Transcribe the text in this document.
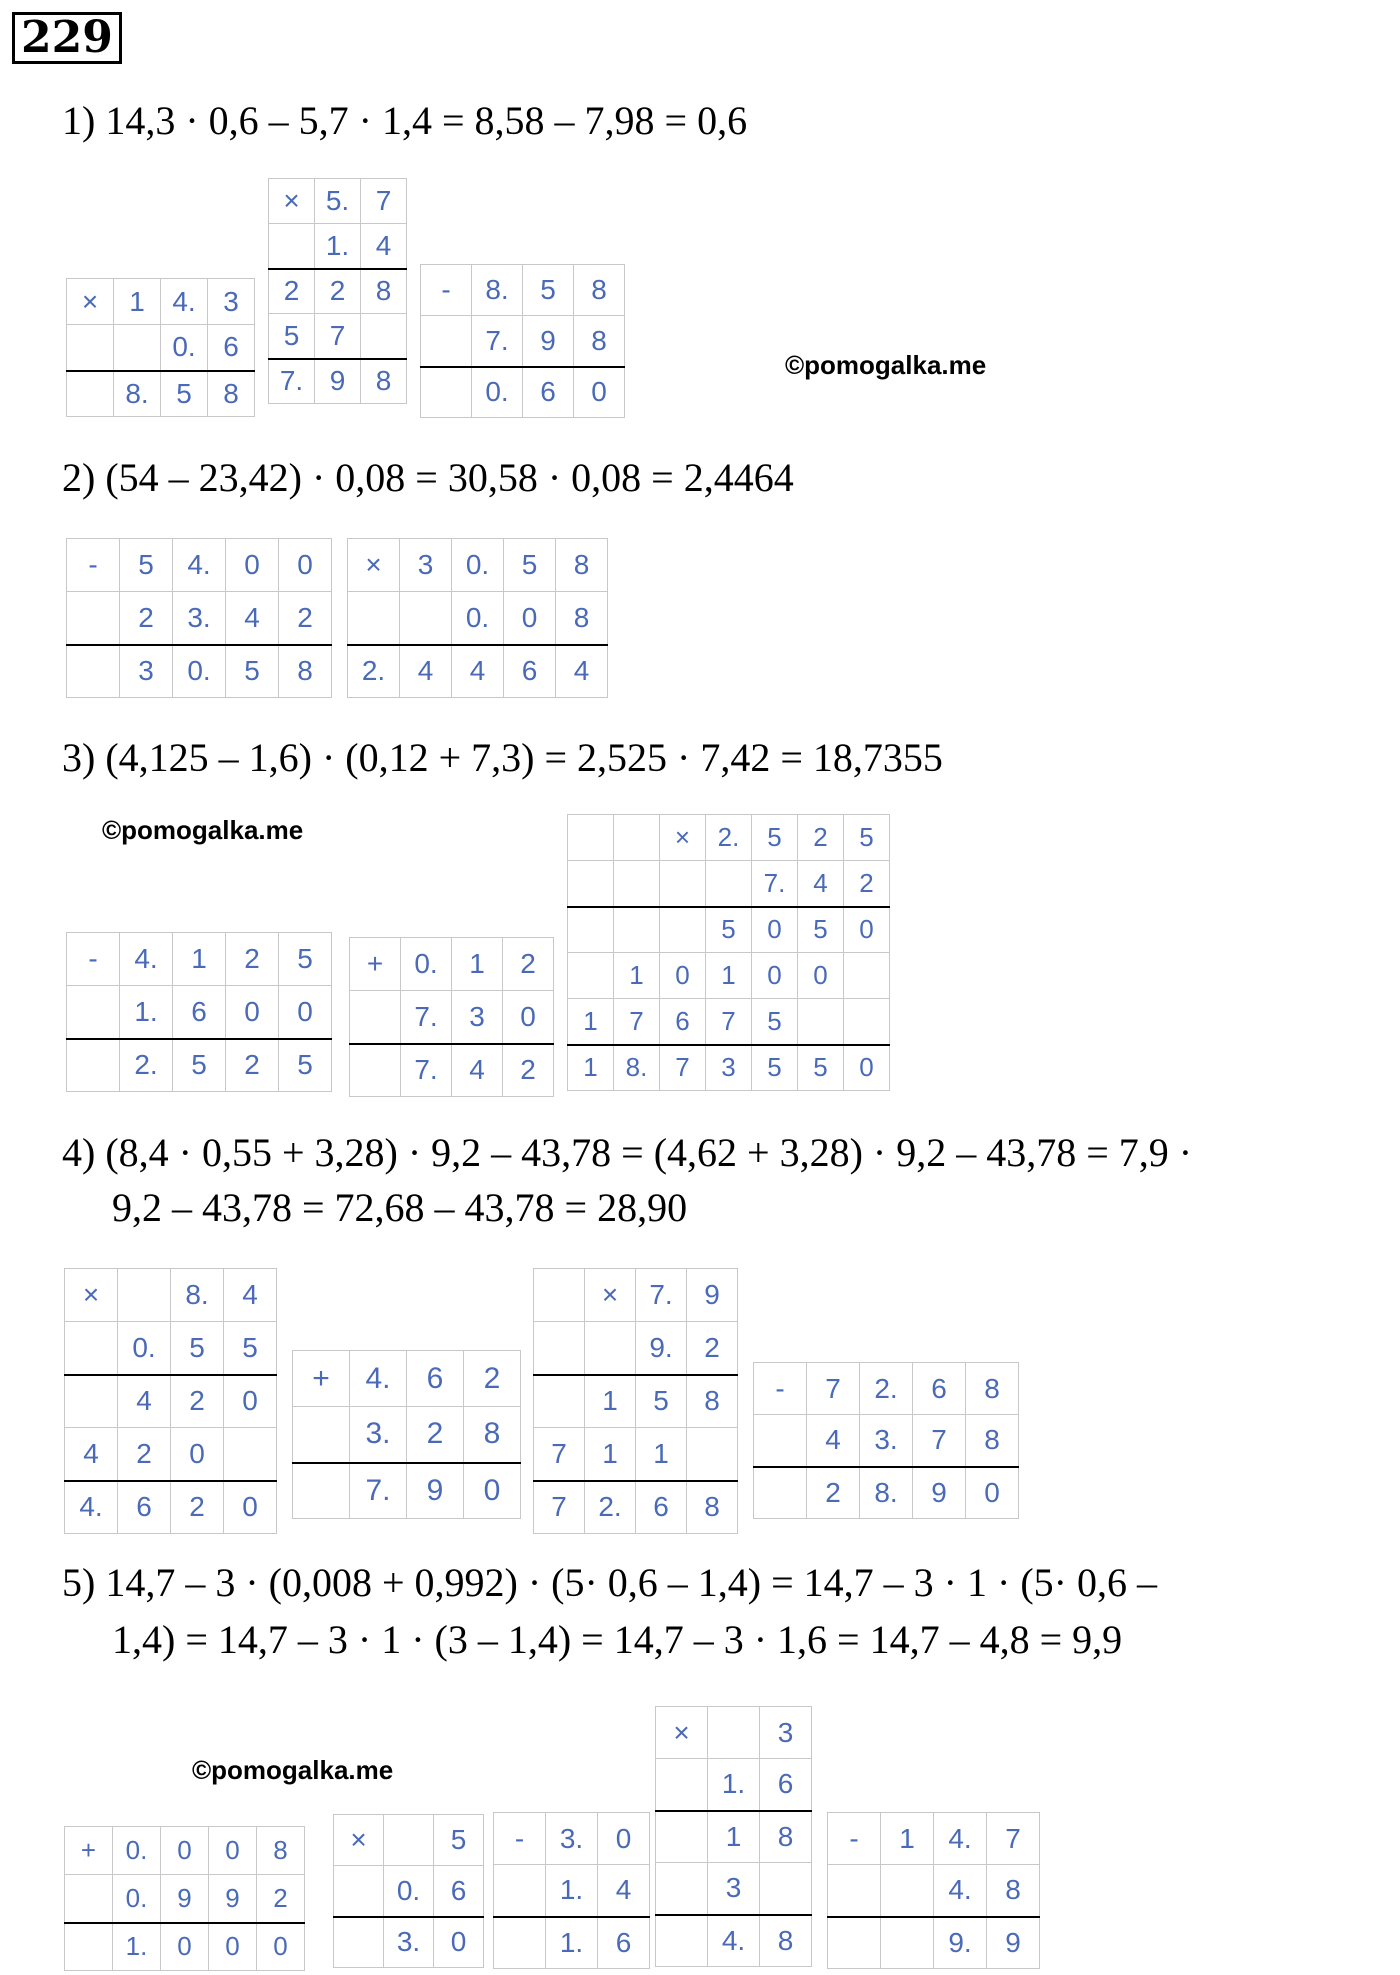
229
1) 14,3 · 0,6 – 5,7 · 1,4 = 8,58 – 7,98 = 0,6
2) (54 – 23,42) · 0,08 = 30,58 · 0,08 = 2,4464
3) (4,125 – 1,6) · (0,12 + 7,3) = 2,525 · 7,42 = 18,7355
4) (8,4 · 0,55 + 3,28) · 9,2 – 43,78 = (4,62 + 3,28) · 9,2 – 43,78 = 7,9 ·
9,2 – 43,78 = 72,68 – 43,78 = 28,90
5) 14,7 – 3 · (0,008 + 0,992) · (5· 0,6 – 1,4) = 14,7 – 3 · 1 · (5· 0,6 –
1,4) = 14,7 – 3 · 1 · (3 – 1,4) = 14,7 – 3 · 1,6 = 14,7 – 4,8 = 9,9
©pomogalka.me
©pomogalka.me
©pomogalka.me
×	1	4.	3
		0.	6
	8.	5	8
×	5.	7
	1.	4
2	2	8
5	7	
7.	9	8
-	8.	5	8
	7.	9	8
	0.	6	0
-	5	4.	0	0
	2	3.	4	2
	3	0.	5	8
×	3	0.	5	8
		0.	0	8
2.	4	4	6	4
-	4.	1	2	5
	1.	6	0	0
	2.	5	2	5
+	0.	1	2
	7.	3	0
	7.	4	2
		×	2.	5	2	5
				7.	4	2
			5	0	5	0
	1	0	1	0	0	
1	7	6	7	5		
1	8.	7	3	5	5	0
×		8.	4
	0.	5	5
	4	2	0
4	2	0	
4.	6	2	0
+	4.	6	2
	3.	2	8
	7.	9	0
	×	7.	9
		9.	2
	1	5	8
7	1	1	
7	2.	6	8
-	7	2.	6	8
	4	3.	7	8
	2	8.	9	0
+	0.	0	0	8
	0.	9	9	2
	1.	0	0	0
×		5
	0.	6
	3.	0
-	3.	0
	1.	4
	1.	6
×		3
	1.	6
	1	8
	3	
	4.	8
-	1	4.	7
		4.	8
		9.	9
